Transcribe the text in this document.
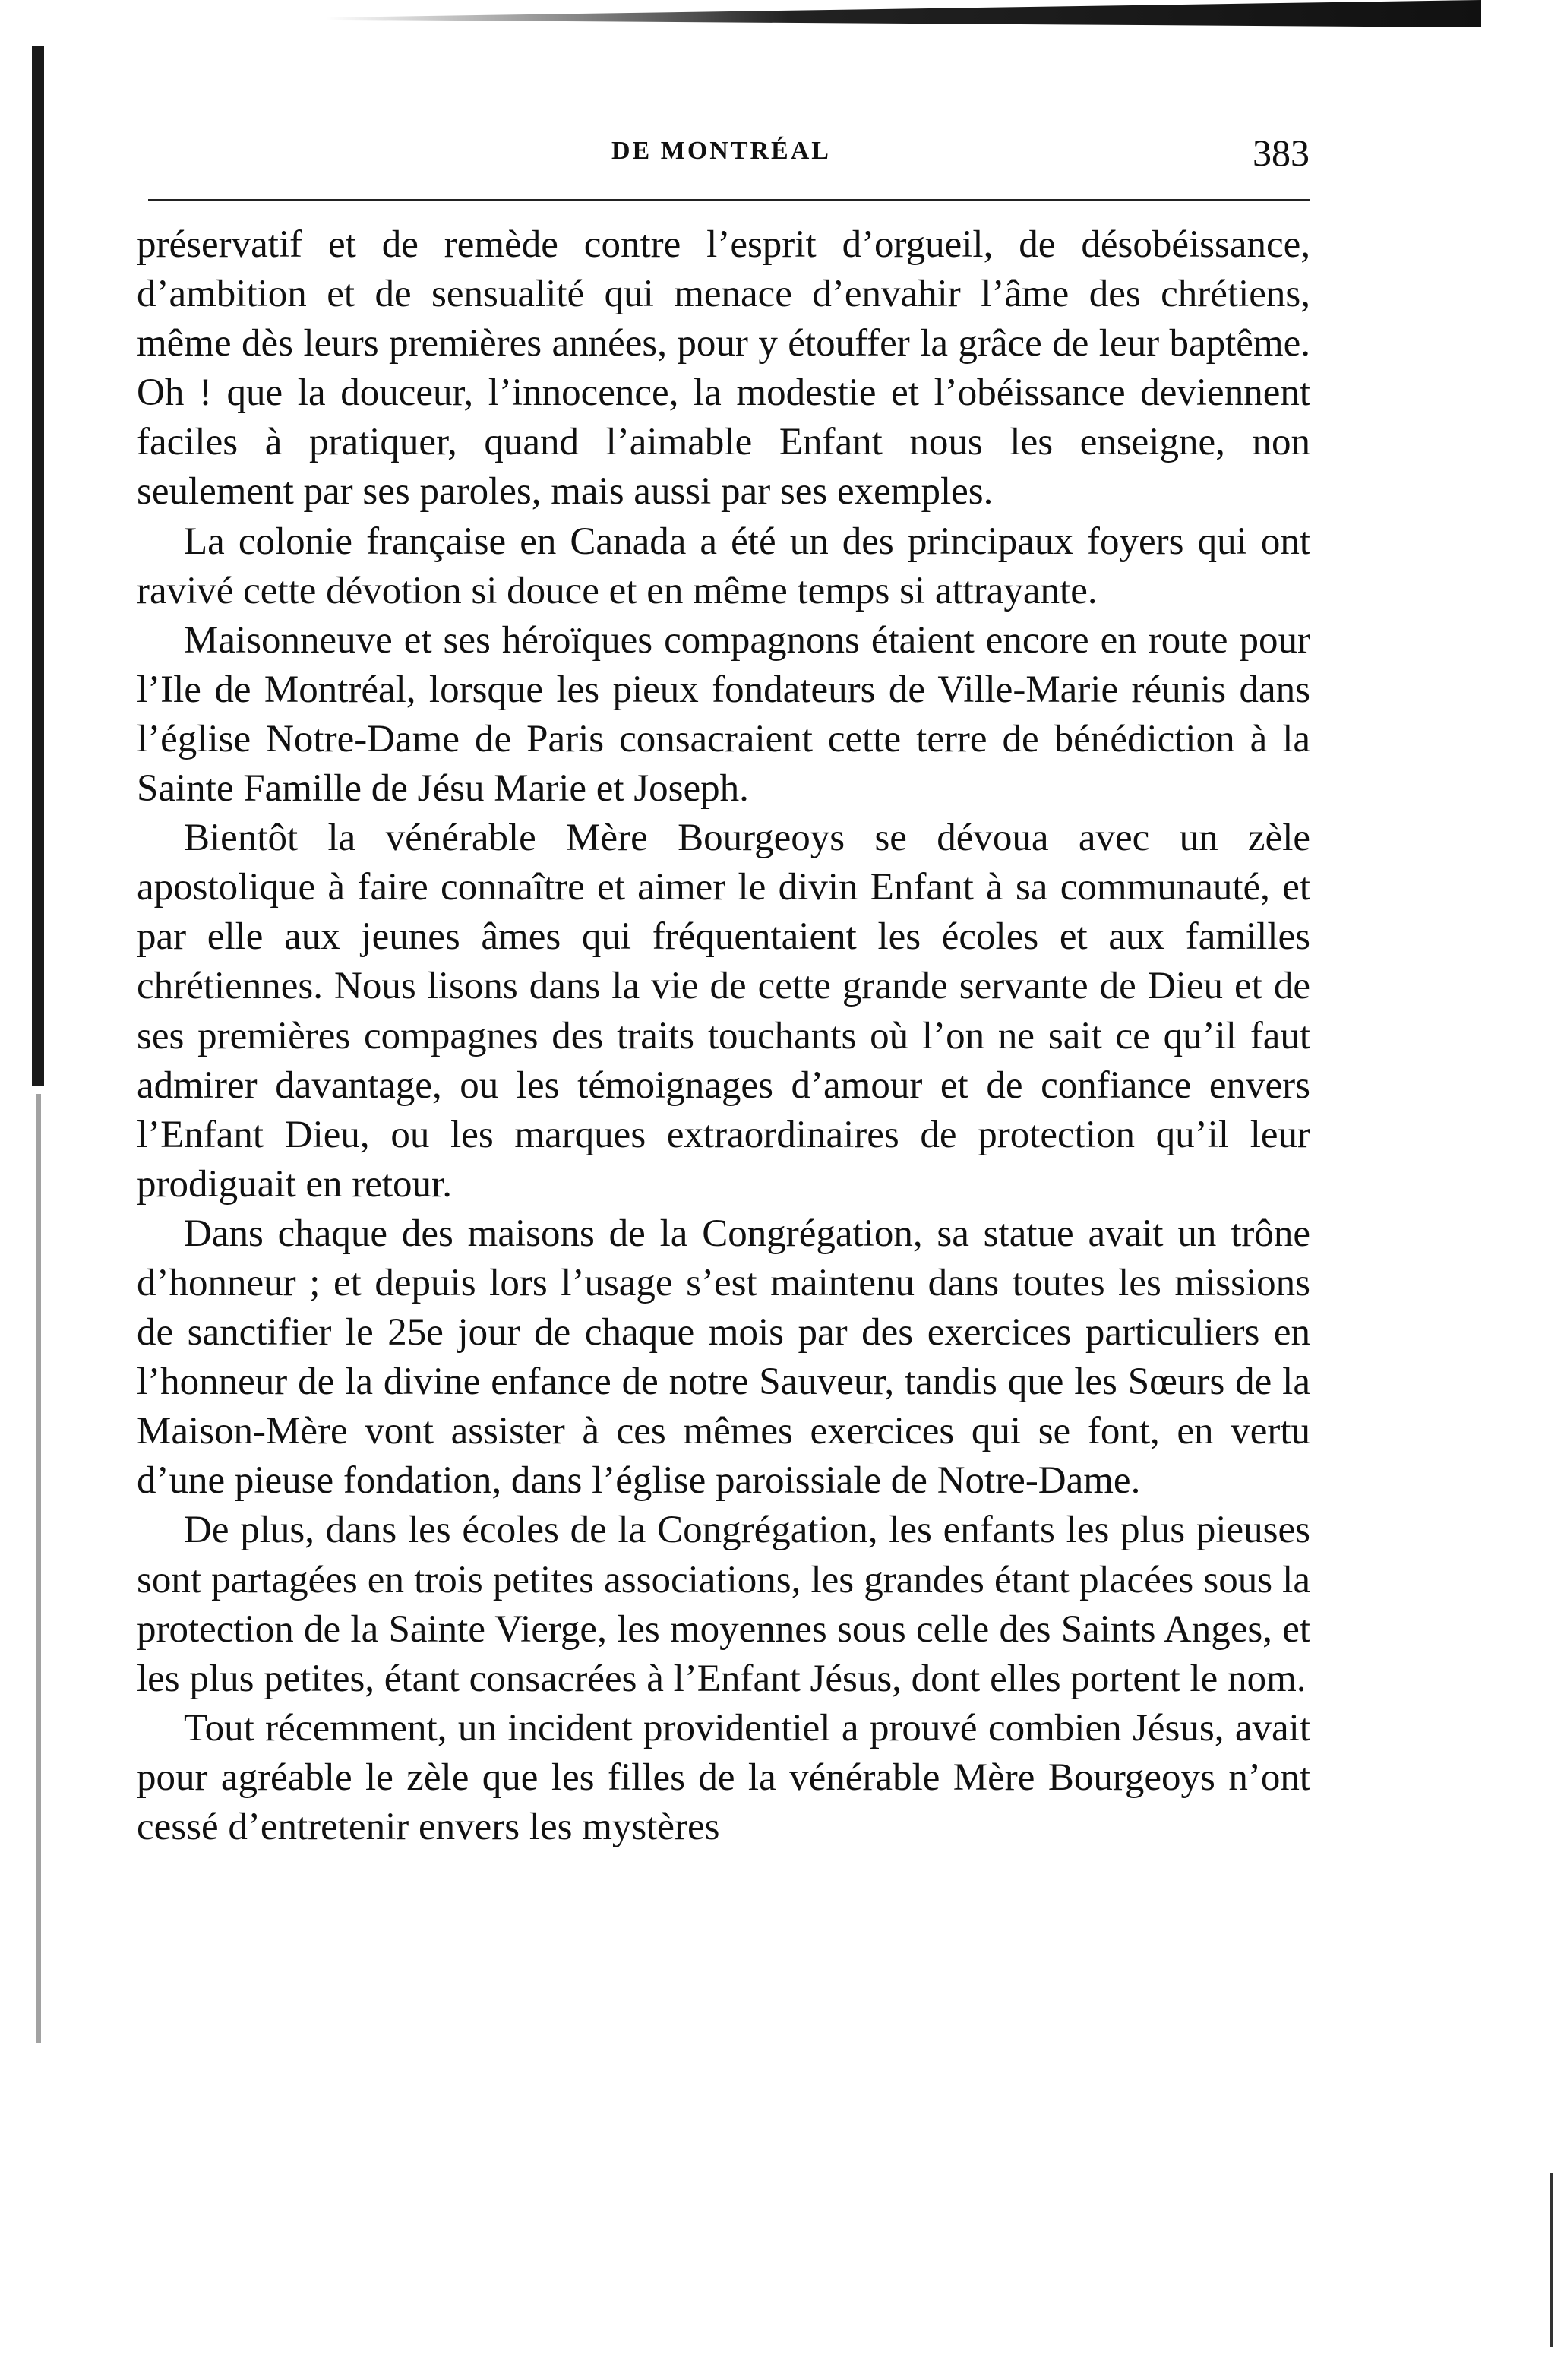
DE MONTRÉAL	383

préservatif et de remède contre l’esprit d’orgueil, de désobéissance, d’ambition et de sensualité qui menace d’envahir l’âme des chrétiens, même dès leurs premières années, pour y étouffer la grâce de leur baptême. Oh ! que la douceur, l’innocence, la modestie et l’obéissance deviennent faciles à pratiquer, quand l’aimable Enfant nous les enseigne, non seulement par ses paroles, mais aussi par ses exemples.

La colonie française en Canada a été un des principaux foyers qui ont ravivé cette dévotion si douce et en même temps si attrayante.

Maisonneuve et ses héroïques compagnons étaient encore en route pour l’Ile de Montréal, lorsque les pieux fondateurs de Ville-Marie réunis dans l’église Notre-Dame de Paris consacraient cette terre de bénédiction à la Sainte Famille de Jésu Marie et Joseph.

Bientôt la vénérable Mère Bourgeoys se dévoua avec un zèle apostolique à faire connaître et aimer le divin Enfant à sa communauté, et par elle aux jeunes âmes qui fréquentaient les écoles et aux familles chrétiennes. Nous lisons dans la vie de cette grande servante de Dieu et de ses premières compagnes des traits touchants où l’on ne sait ce qu’il faut admirer davantage, ou les témoignages d’amour et de confiance envers l’Enfant Dieu, ou les marques extraordinaires de protection qu’il leur prodiguait en retour.

Dans chaque des maisons de la Congrégation, sa statue avait un trône d’honneur ; et depuis lors l’usage s’est maintenu dans toutes les missions de sanctifier le 25e jour de chaque mois par des exercices particuliers en l’honneur de la divine enfance de notre Sauveur, tandis que les Sœurs de la Maison-Mère vont assister à ces mêmes exercices qui se font, en vertu d’une pieuse fondation, dans l’église paroissiale de Notre-Dame.

De plus, dans les écoles de la Congrégation, les enfants les plus pieuses sont partagées en trois petites associations, les grandes étant placées sous la protection de la Sainte Vierge, les moyennes sous celle des Saints Anges, et les plus petites, étant consacrées à l’Enfant Jésus, dont elles portent le nom.

Tout récemment, un incident providentiel a prouvé combien Jésus, avait pour agréable le zèle que les filles de la vénérable Mère Bourgeoys n’ont cessé d’entretenir envers les mystères
